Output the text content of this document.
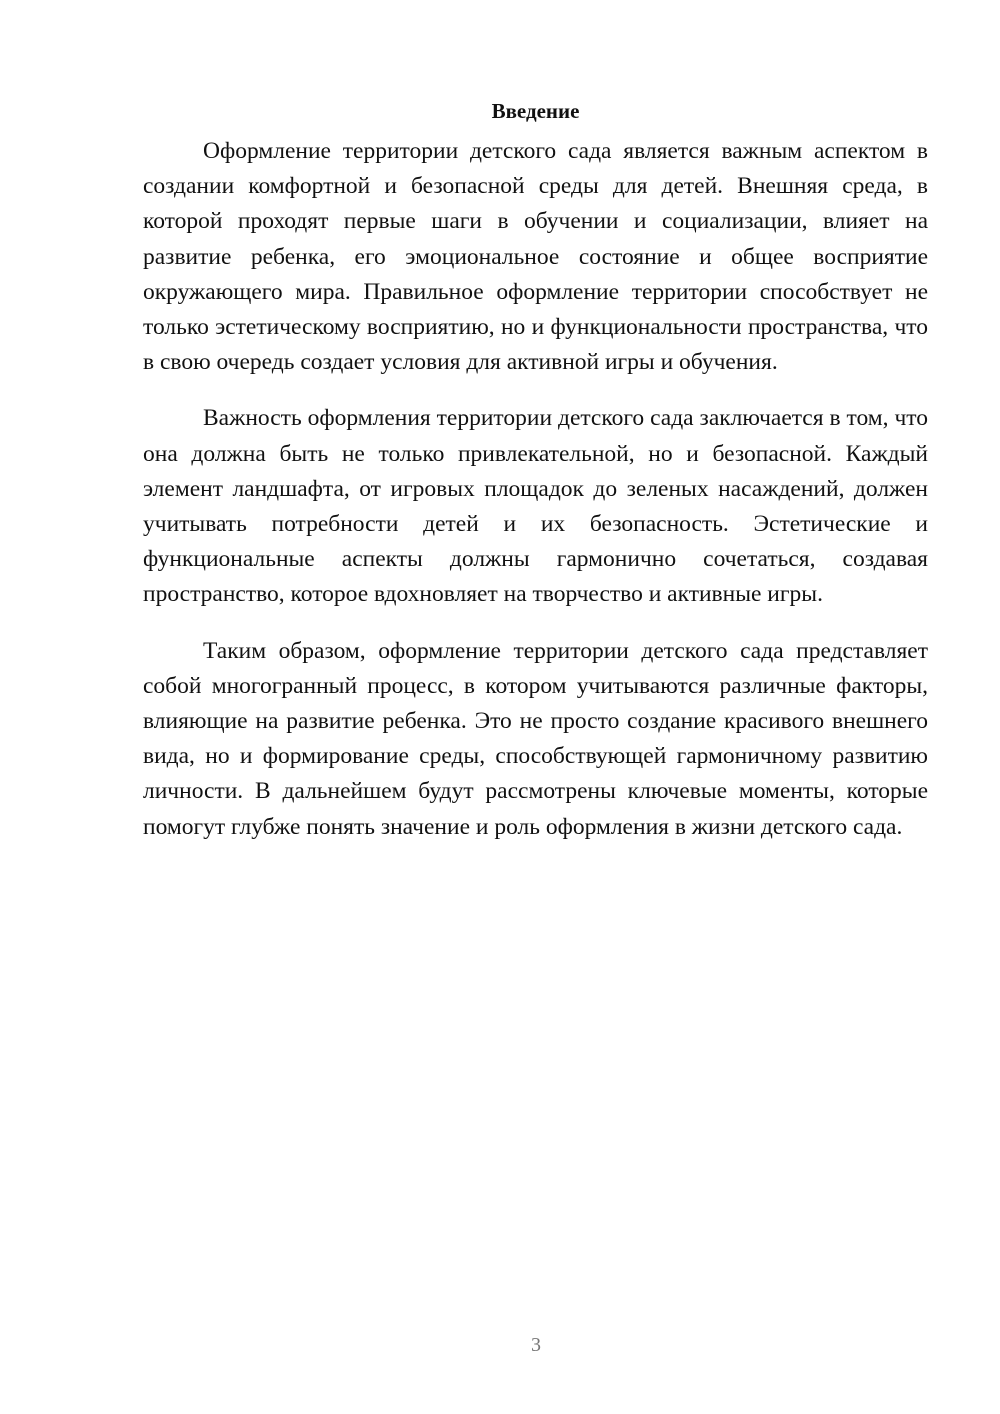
Введение

Оформление территории детского сада является важным аспектом в создании комфортной и безопасной среды для детей. Внешняя среда, в которой проходят первые шаги в обучении и социализации, влияет на развитие ребенка, его эмоциональное состояние и общее восприятие окружающего мира. Правильное оформление территории способствует не только эстетическому восприятию, но и функциональности пространства, что в свою очередь создает условия для активной игры и обучения.

Важность оформления территории детского сада заключается в том, что она должна быть не только привлекательной, но и безопасной. Каждый элемент ландшафта, от игровых площадок до зеленых насаждений, должен учитывать потребности детей и их безопасность. Эстетические и функциональные аспекты должны гармонично сочетаться, создавая пространство, которое вдохновляет на творчество и активные игры.

Таким образом, оформление территории детского сада представляет собой многогранный процесс, в котором учитываются различные факторы, влияющие на развитие ребенка. Это не просто создание красивого внешнего вида, но и формирование среды, способствующей гармоничному развитию личности. В дальнейшем будут рассмотрены ключевые моменты, которые помогут глубже понять значение и роль оформления в жизни детского сада.

3
